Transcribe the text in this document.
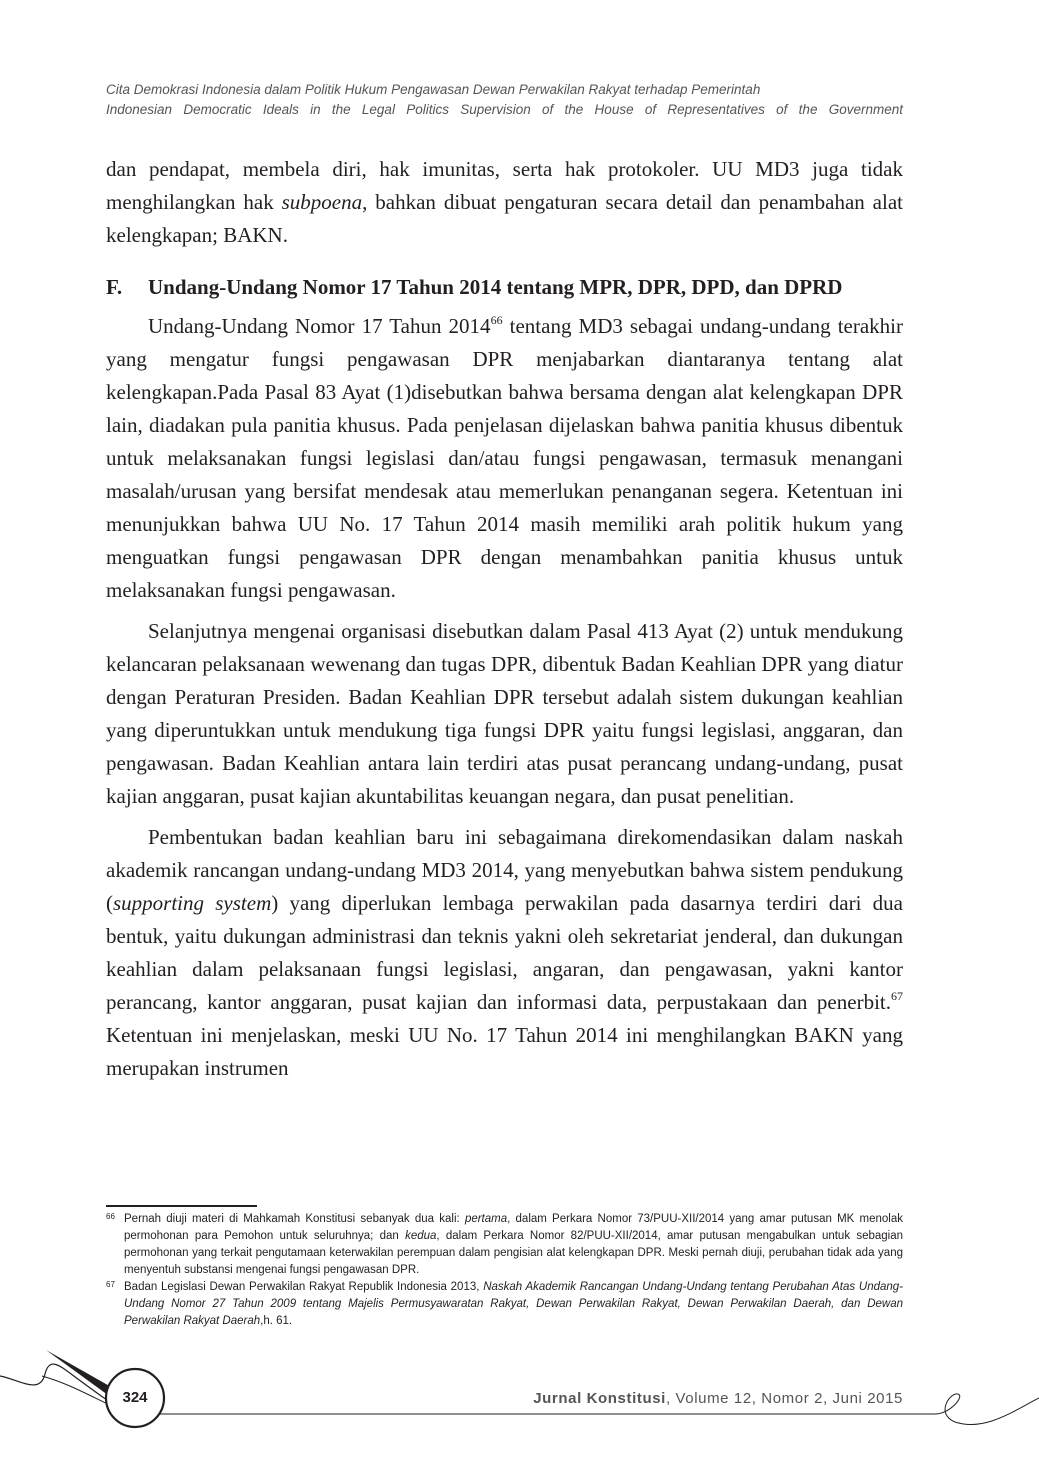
Cita Demokrasi Indonesia dalam Politik Hukum Pengawasan Dewan Perwakilan Rakyat terhadap Pemerintah
Indonesian Democratic Ideals in the Legal Politics Supervision of the House of Representatives of the Government

dan pendapat, membela diri, hak imunitas, serta hak protokoler. UU MD3 juga tidak menghilangkan hak subpoena, bahkan dibuat pengaturan secara detail dan penambahan alat kelengkapan; BAKN.

F.	Undang-Undang Nomor 17 Tahun 2014 tentang MPR, DPR, DPD, dan DPRD

Undang-Undang Nomor 17 Tahun 2014$^{66}$ tentang MD3 sebagai undang-undang terakhir yang mengatur fungsi pengawasan DPR menjabarkan diantaranya tentang alat kelengkapan.Pada Pasal 83 Ayat (1)disebutkan bahwa bersama dengan alat kelengkapan DPR lain, diadakan pula panitia khusus. Pada penjelasan dijelaskan bahwa panitia khusus dibentuk untuk melaksanakan fungsi legislasi dan/atau fungsi pengawasan, termasuk menangani masalah/urusan yang bersifat mendesak atau memerlukan penanganan segera. Ketentuan ini menunjukkan bahwa UU No. 17 Tahun 2014 masih memiliki arah politik hukum yang menguatkan fungsi pengawasan DPR dengan menambahkan panitia khusus untuk melaksanakan fungsi pengawasan.

Selanjutnya mengenai organisasi disebutkan dalam Pasal 413 Ayat (2) untuk mendukung kelancaran pelaksanaan wewenang dan tugas DPR, dibentuk Badan Keahlian DPR yang diatur dengan Peraturan Presiden. Badan Keahlian DPR tersebut adalah sistem dukungan keahlian yang diperuntukkan untuk mendukung tiga fungsi DPR yaitu fungsi legislasi, anggaran, dan pengawasan. Badan Keahlian antara lain terdiri atas pusat perancang undang-undang, pusat kajian anggaran, pusat kajian akuntabilitas keuangan negara, dan pusat penelitian.

Pembentukan badan keahlian baru ini sebagaimana direkomendasikan dalam naskah akademik rancangan undang-undang MD3 2014, yang menyebutkan bahwa sistem pendukung (supporting system) yang diperlukan lembaga perwakilan pada dasarnya terdiri dari dua bentuk, yaitu dukungan administrasi dan teknis yakni oleh sekretariat jenderal, dan dukungan keahlian dalam pelaksanaan fungsi legislasi, angaran, dan pengawasan, yakni kantor perancang, kantor anggaran, pusat kajian dan informasi data, perpustakaan dan penerbit.$^{67}$ Ketentuan ini menjelaskan, meski UU No. 17 Tahun 2014 ini menghilangkan BAKN yang merupakan instrumen

66 Pernah diuji materi di Mahkamah Konstitusi sebanyak dua kali: pertama, dalam Perkara Nomor 73/PUU-XII/2014 yang amar putusan MK menolak permohonan para Pemohon untuk seluruhnya; dan kedua, dalam Perkara Nomor 82/PUU-XII/2014, amar putusan mengabulkan untuk sebagian permohonan yang terkait pengutamaan keterwakilan perempuan dalam pengisian alat kelengkapan DPR. Meski pernah diuji, perubahan tidak ada yang menyentuh substansi mengenai fungsi pengawasan DPR.
67 Badan Legislasi Dewan Perwakilan Rakyat Republik Indonesia 2013, Naskah Akademik Rancangan Undang-Undang tentang Perubahan Atas Undang-Undang Nomor 27 Tahun 2009 tentang Majelis Permusyawaratan Rakyat, Dewan Perwakilan Rakyat, Dewan Perwakilan Daerah, dan Dewan Perwakilan Rakyat Daerah,h. 61.
324	Jurnal Konstitusi, Volume 12, Nomor 2, Juni 2015
